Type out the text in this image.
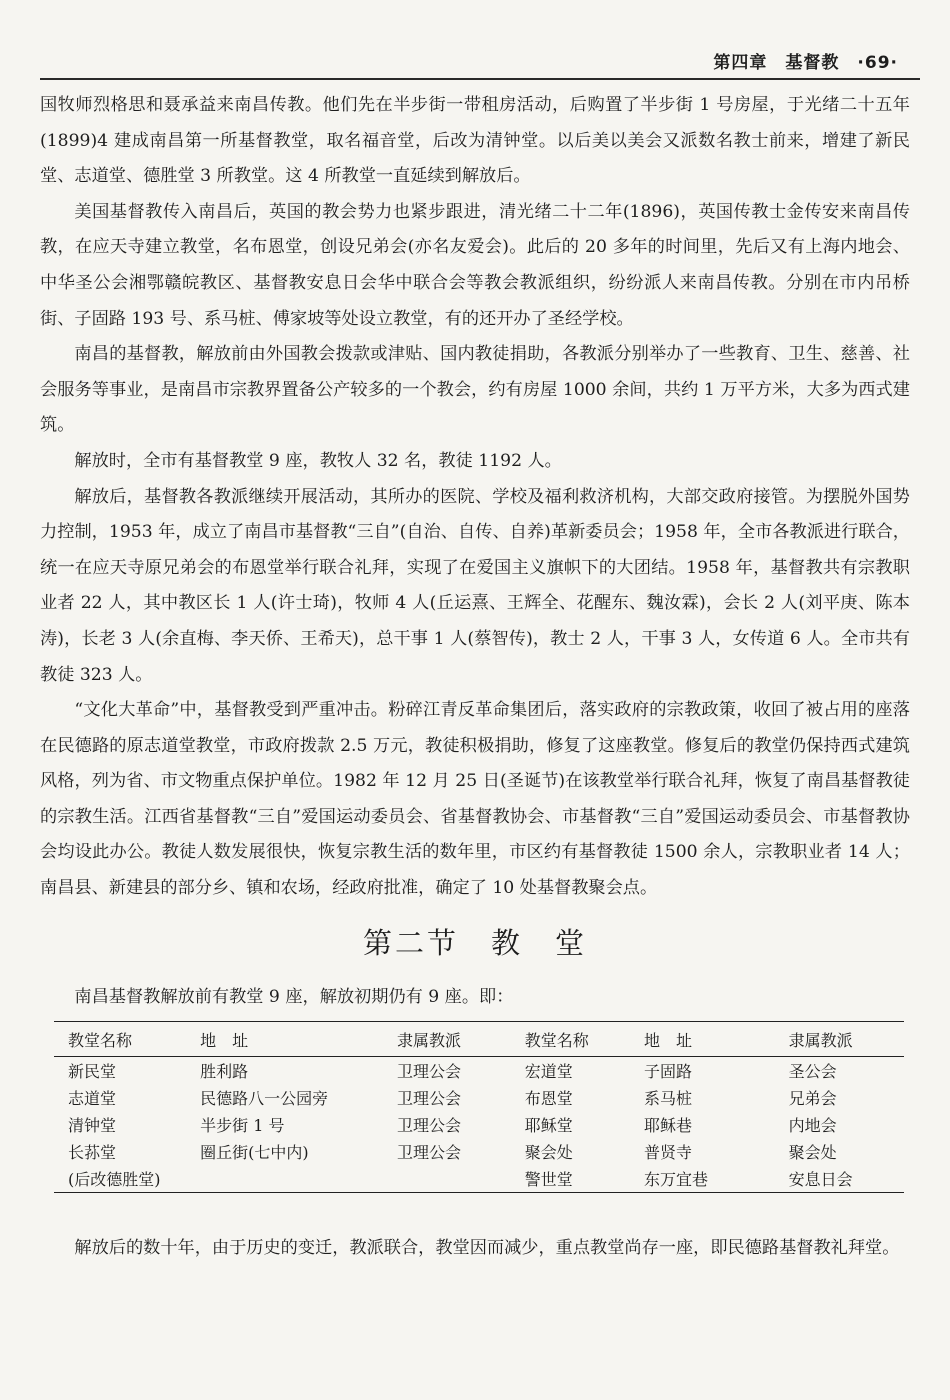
第四章 基督教 ·69·

国牧师烈格思和聂承益来南昌传教。他们先在半步街一带租房活动，后购置了半步街 1 号房屋，于光绪二十五年(1899)4 建成南昌第一所基督教堂，取名福音堂，后改为清钟堂。以后美以美会又派数名教士前来，增建了新民堂、志道堂、德胜堂 3 所教堂。这 4 所教堂一直延续到解放后。

美国基督教传入南昌后，英国的教会势力也紧步跟进，清光绪二十二年(1896)，英国传教士金传安来南昌传教，在应天寺建立教堂，名布恩堂，创设兄弟会(亦名友爱会)。此后的 20 多年的时间里，先后又有上海内地会、中华圣公会湘鄂赣皖教区、基督教安息日会华中联合会等教会教派组织，纷纷派人来南昌传教。分别在市内吊桥街、子固路 193 号、系马桩、傅家坡等处设立教堂，有的还开办了圣经学校。

南昌的基督教，解放前由外国教会拨款或津贴、国内教徒捐助，各教派分别举办了一些教育、卫生、慈善、社会服务等事业，是南昌市宗教界置备公产较多的一个教会，约有房屋 1000 余间，共约 1 万平方米，大多为西式建筑。

解放时，全市有基督教堂 9 座，教牧人 32 名，教徒 1192 人。

解放后，基督教各教派继续开展活动，其所办的医院、学校及福利救济机构，大部交政府接管。为摆脱外国势力控制，1953 年，成立了南昌市基督教“三自”(自治、自传、自养)革新委员会；1958 年，全市各教派进行联合，统一在应天寺原兄弟会的布恩堂举行联合礼拜，实现了在爱国主义旗帜下的大团结。1958 年，基督教共有宗教职业者 22 人，其中教区长 1 人(许士琦)，牧师 4 人(丘运熹、王辉全、花醒东、魏汝霖)，会长 2 人(刘平庚、陈本涛)，长老 3 人(余直梅、李天侨、王希天)，总干事 1 人(蔡智传)，教士 2 人，干事 3 人，女传道 6 人。全市共有教徒 323 人。

“文化大革命”中，基督教受到严重冲击。粉碎江青反革命集团后，落实政府的宗教政策，收回了被占用的座落在民德路的原志道堂教堂，市政府拨款 2.5 万元，教徒积极捐助，修复了这座教堂。修复后的教堂仍保持西式建筑风格，列为省、市文物重点保护单位。1982 年 12 月 25 日(圣诞节)在该教堂举行联合礼拜，恢复了南昌基督教徒的宗教生活。江西省基督教“三自”爱国运动委员会、省基督教协会、市基督教“三自”爱国运动委员会、市基督教协会均设此办公。教徒人数发展很快，恢复宗教生活的数年里，市区约有基督教徒 1500 余人，宗教职业者 14 人；南昌县、新建县的部分乡、镇和农场，经政府批准，确定了 10 处基督教聚会点。

第二节　教　堂

南昌基督教解放前有教堂 9 座，解放初期仍有 9 座。即：

教堂名称	地　址	隶属教派	教堂名称	地　址	隶属教派
新民堂	胜利路	卫理公会	宏道堂	子固路	圣公会
志道堂	民德路八一公园旁	卫理公会	布恩堂	系马桩	兄弟会
清钟堂	半步街 1 号	卫理公会	耶稣堂	耶稣巷	内地会
长荪堂	圈丘街(七中内)	卫理公会	聚会处	普贤寺	聚会处
(后改德胜堂)			警世堂	东万宜巷	安息日会

解放后的数十年，由于历史的变迁，教派联合，教堂因而减少，重点教堂尚存一座，即民德路基督教礼拜堂。
